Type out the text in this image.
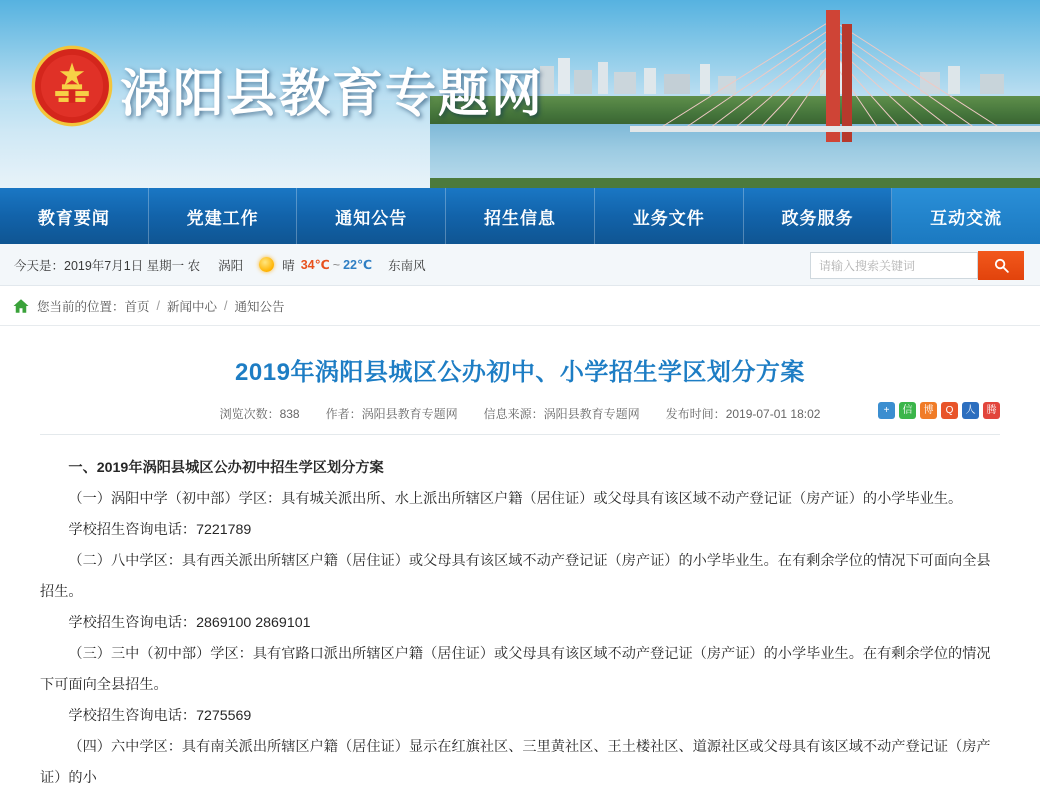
涡阳县教育专题网
教育要闻	党建工作	通知公告	招生信息	业务文件	政务服务	互动交流
今天是：2019年7月1日 星期一 农 涡阳	晴 34℃ ~ 22℃ 东南风
请输入搜索关键词
您当前的位置： 首页 / 新闻中心 / 通知公告
2019年涡阳县城区公办初中、小学招生学区划分方案
浏览次数：838 作者：涡阳县教育专题网 信息来源：涡阳县教育专题网 发布时间：2019-07-01 18:02	+	信	博	Q	人	腾

一、2019年涡阳县城区公办初中招生学区划分方案

（一）涡阳中学（初中部）学区：具有城关派出所、水上派出所辖区户籍（居住证）或父母具有该区域不动产登记证（房产证）的小学毕业生。

学校招生咨询电话：7221789

（二）八中学区：具有西关派出所辖区户籍（居住证）或父母具有该区域不动产登记证（房产证）的小学毕业生。在有剩余学位的情况下可面向全县招生。

学校招生咨询电话：2869100 2869101

（三）三中（初中部）学区：具有官路口派出所辖区户籍（居住证）或父母具有该区域不动产登记证（房产证）的小学毕业生。在有剩余学位的情况下可面向全县招生。

学校招生咨询电话：7275569

（四）六中学区：具有南关派出所辖区户籍（居住证）显示在红旗社区、三里黄社区、王土楼社区、道源社区或父母具有该区域不动产登记证（房产证）的小
